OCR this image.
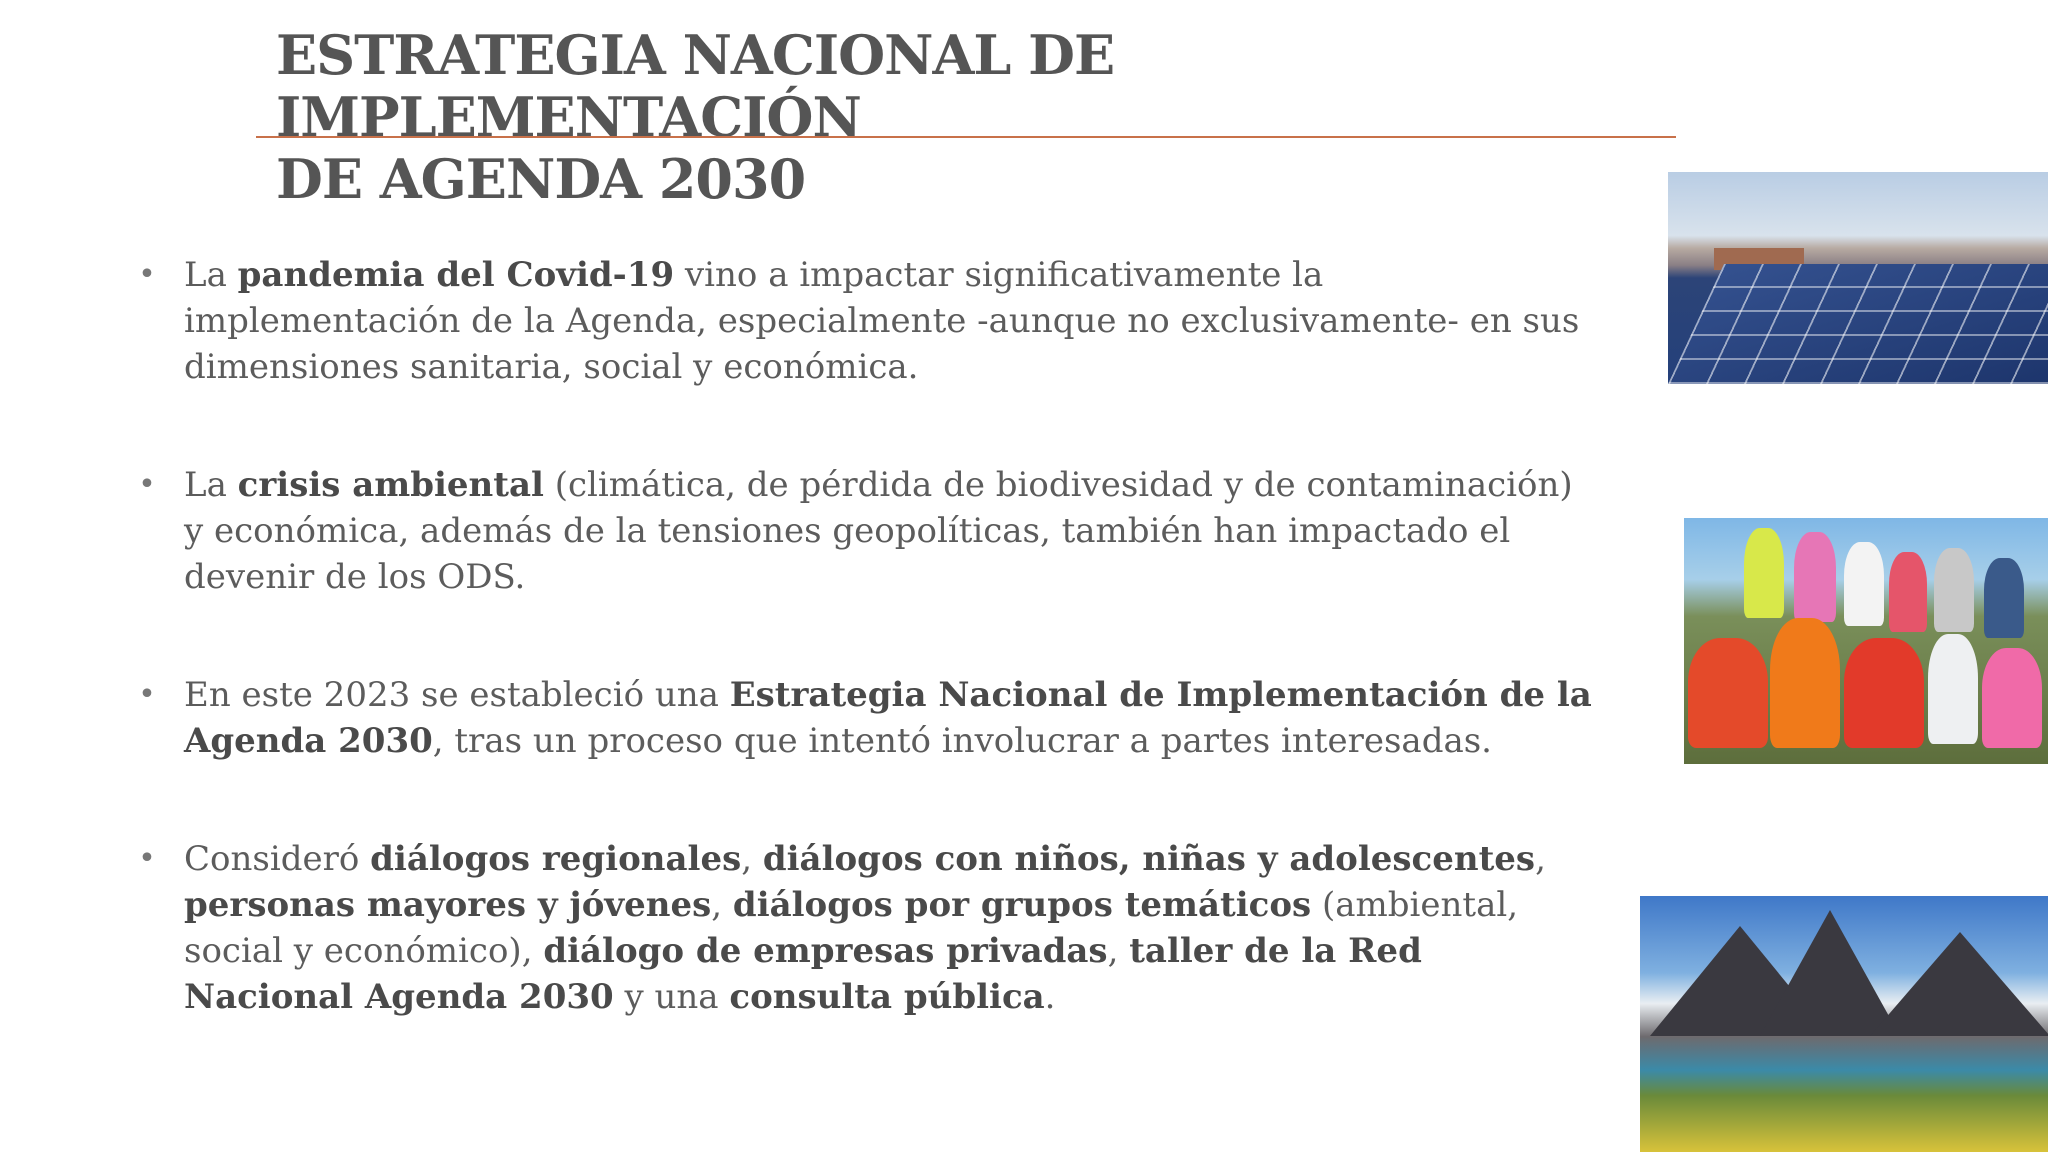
ESTRATEGIA NACIONAL DE IMPLEMENTACIÓN
DE AGENDA 2030
• La pandemia del Covid-19 vino a impactar significativamente la implementación de la Agenda, especialmente -aunque no exclusivamente- en sus dimensiones sanitaria, social y económica.
• La crisis ambiental (climática, de pérdida de biodivesidad y de contaminación) y económica, además de la tensiones geopolíticas, también han impactado el devenir de los ODS.
• En este 2023 se estableció una Estrategia Nacional de Implementación de la Agenda 2030, tras un proceso que intentó involucrar a partes interesadas.
• Consideró diálogos regionales, diálogos con niños, niñas y adolescentes, personas mayores y jóvenes, diálogos por grupos temáticos (ambiental, social y económico), diálogo de empresas privadas, taller de la Red Nacional Agenda 2030 y una consulta pública.
